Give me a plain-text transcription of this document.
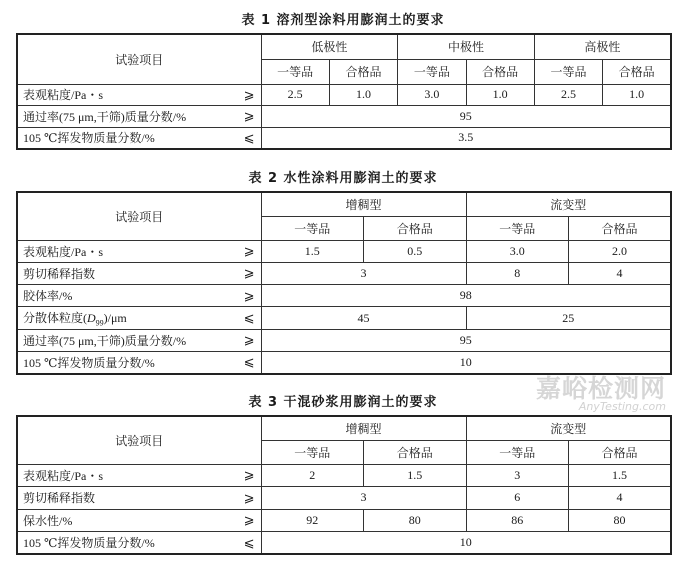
表 1 溶剂型涂料用膨润土的要求
试验项目	低极性		中极性		高极性	
	一等品	合格品	一等品	合格品	一等品	合格品

表观粘度/Pa・s ⩾	2.5	1.0	3.0	1.0	2.5	1.0

通过率(75 μm,干筛)质量分数/% ⩾	95					

105 ℃挥发物质量分数/% ⩽	3.5					
表 2 水性涂料用膨润土的要求
试验项目	增稠型		流变型	
	一等品	合格品	一等品	合格品

表观粘度/Pa・s ⩾	1.5	0.5	3.0	2.0

剪切稀释指数 ⩾	3		8	4

胶体率/% ⩾	98			

分散体粒度$(D_{99})/\mu m$ ⩽	45		25	

通过率(75 μm,干筛)质量分数/% ⩾	95			

105 ℃挥发物质量分数/% ⩽	10			
表 3 干混砂浆用膨润土的要求
试验项目	增稠型		流变型	
	一等品	合格品	一等品	合格品

表观粘度/Pa・s ⩾	2	1.5	3	1.5

剪切稀释指数 ⩾	3		6	4

保水性/% ⩾	92	80	86	80

105 ℃挥发物质量分数/% ⩽	10			
嘉峪检测网
AnyTesting.com
